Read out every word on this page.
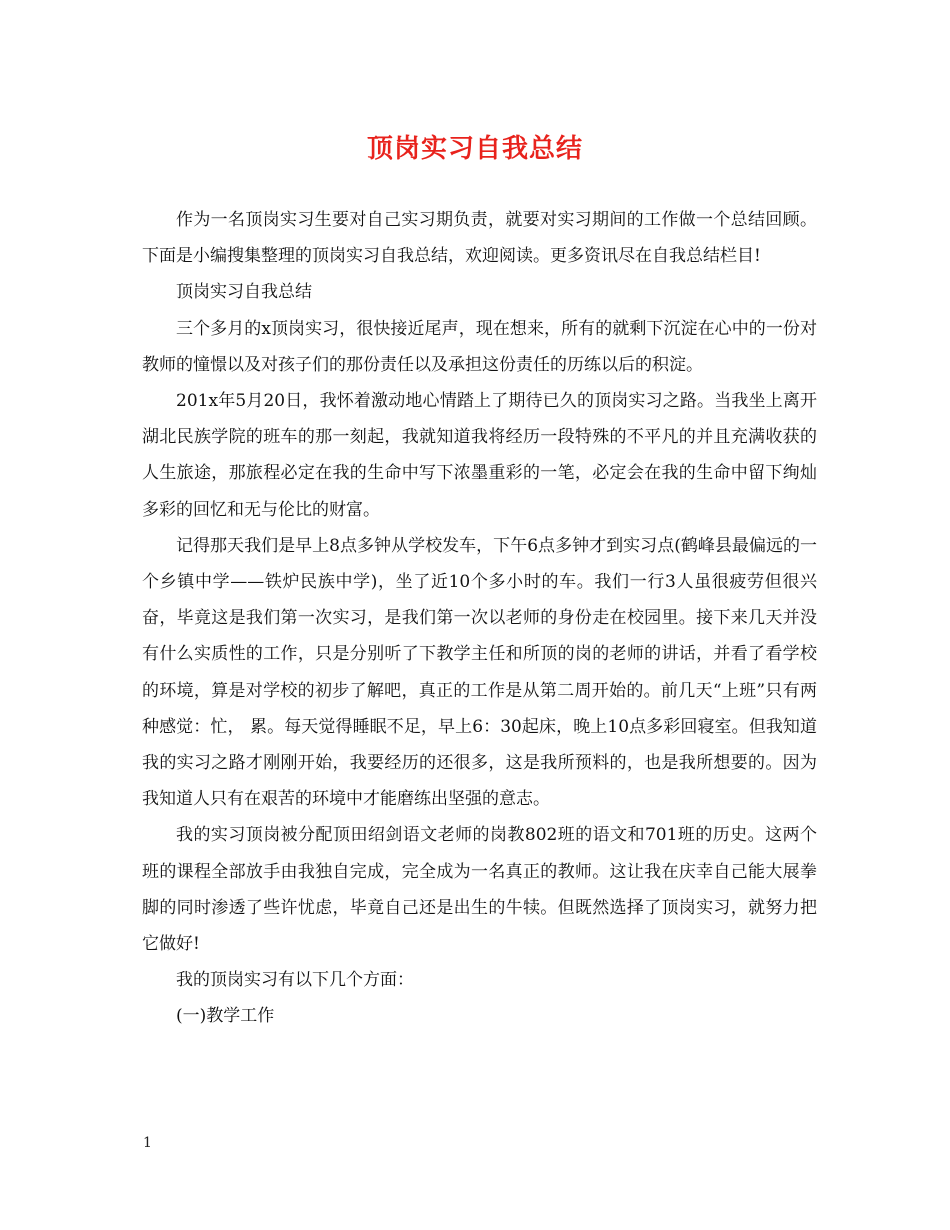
顶岗实习自我总结

作为一名顶岗实习生要对自己实习期负责，就要对实习期间的工作做一个总结回顾。下面是小编搜集整理的顶岗实习自我总结，欢迎阅读。更多资讯尽在自我总结栏目!

顶岗实习自我总结

三个多月的x顶岗实习，很快接近尾声，现在想来，所有的就剩下沉淀在心中的一份对教师的憧憬以及对孩子们的那份责任以及承担这份责任的历练以后的积淀。

201x年5月20日，我怀着激动地心情踏上了期待已久的顶岗实习之路。当我坐上离开湖北民族学院的班车的那一刻起，我就知道我将经历一段特殊的不平凡的并且充满收获的人生旅途，那旅程必定在我的生命中写下浓墨重彩的一笔，必定会在我的生命中留下绚灿多彩的回忆和无与伦比的财富。

记得那天我们是早上8点多钟从学校发车，下午6点多钟才到实习点(鹤峰县最偏远的一个乡镇中学——铁炉民族中学)，坐了近10个多小时的车。我们一行3人虽很疲劳但很兴奋，毕竟这是我们第一次实习，是我们第一次以老师的身份走在校园里。接下来几天并没有什么实质性的工作，只是分别听了下教学主任和所顶的岗的老师的讲话，并看了看学校的环境，算是对学校的初步了解吧，真正的工作是从第二周开始的。前几天“上班”只有两种感觉：忙， 累。每天觉得睡眠不足，早上6：30起床，晚上10点多彩回寝室。但我知道我的实习之路才刚刚开始，我要经历的还很多，这是我所预料的，也是我所想要的。因为我知道人只有在艰苦的环境中才能磨练出坚强的意志。

我的实习顶岗被分配顶田绍剑语文老师的岗教802班的语文和701班的历史。这两个班的课程全部放手由我独自完成，完全成为一名真正的教师。这让我在庆幸自己能大展拳脚的同时渗透了些许忧虑，毕竟自己还是出生的牛犊。但既然选择了顶岗实习，就努力把它做好!

我的顶岗实习有以下几个方面：

(一)教学工作

1
